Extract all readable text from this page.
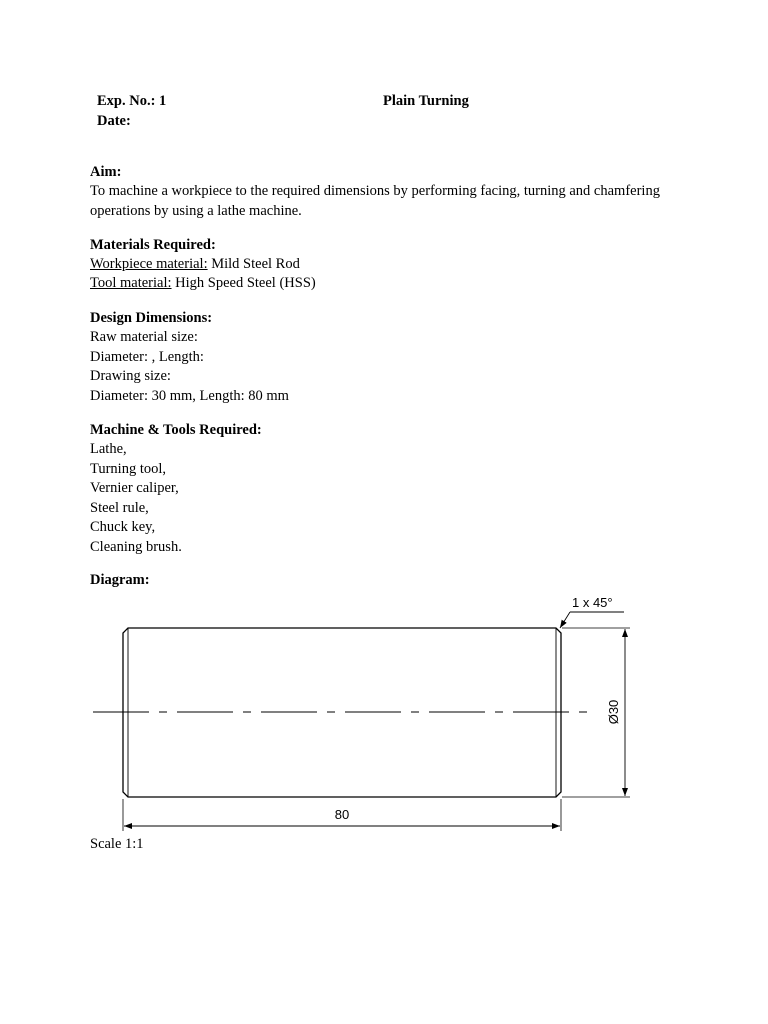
Exp. No.: 1	Plain Turning
Date:
Aim:
To machine a workpiece to the required dimensions by performing facing, turning and chamfering operations by using a lathe machine.
Materials Required:
Workpiece material: Mild Steel Rod
Tool material: High Speed Steel (HSS)
Design Dimensions:
Raw material size:
Diameter: , Length:
Drawing size:
Diameter: 30 mm, Length: 80 mm
Machine & Tools Required:
Lathe,
Turning tool,
Vernier caliper,
Steel rule,
Chuck key,
Cleaning brush.
Diagram:
1 x 45°
Ø30
80
Scale 1:1
